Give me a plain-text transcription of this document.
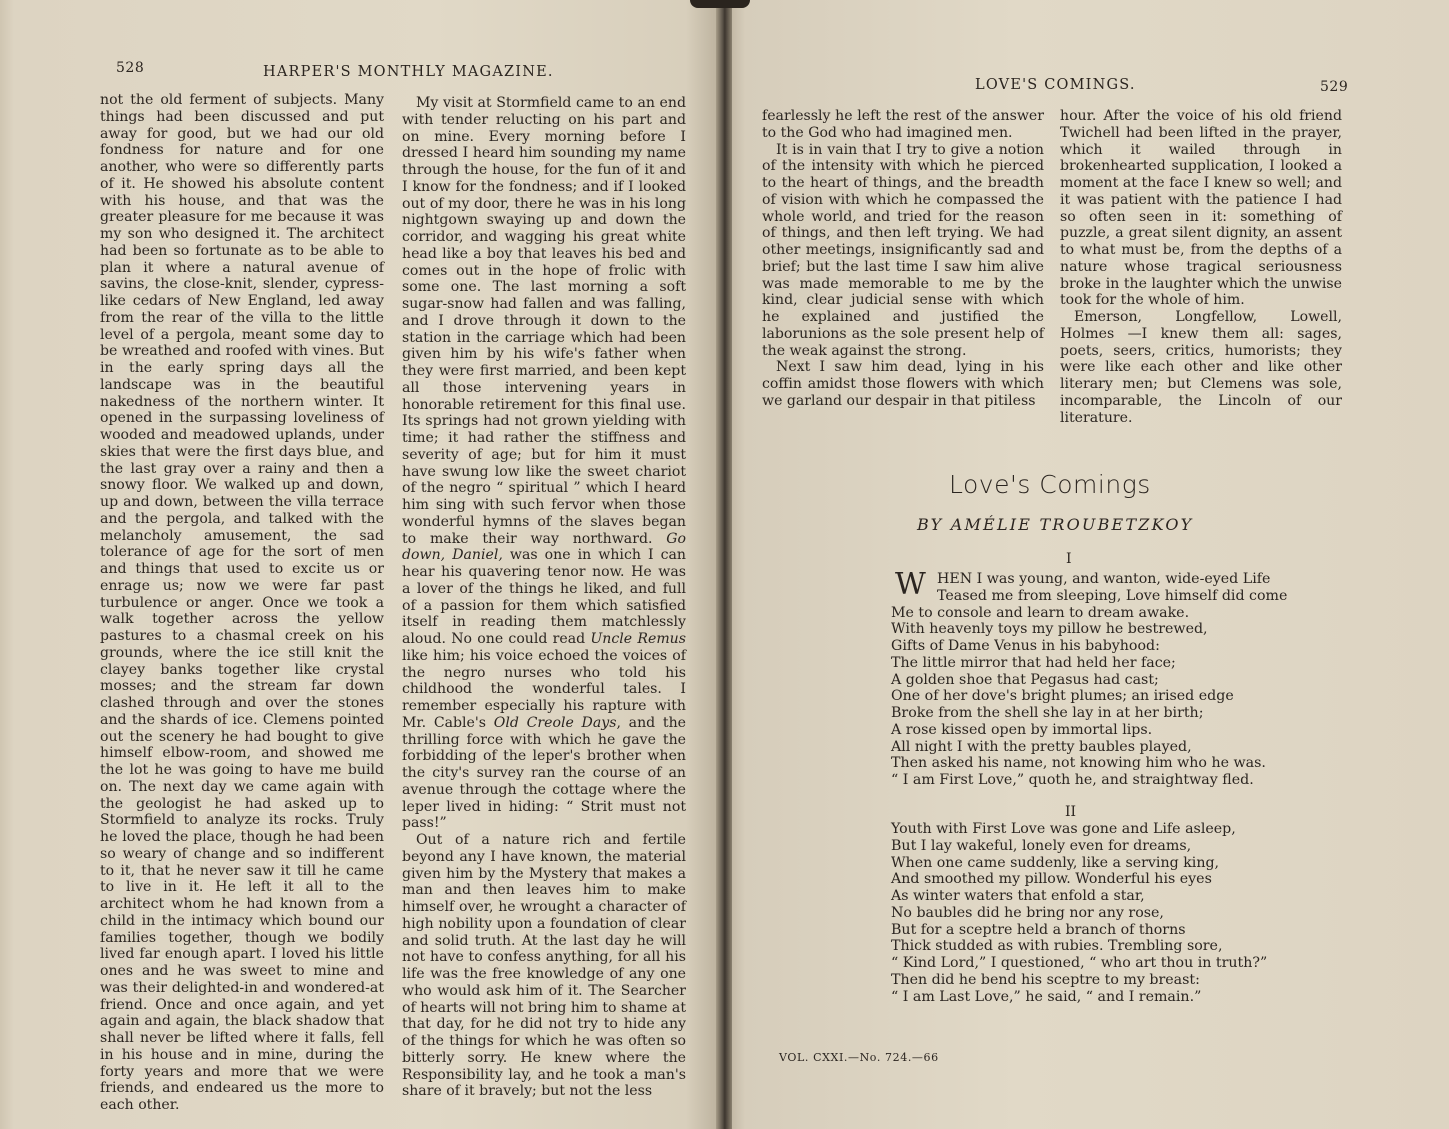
528	HARPER'S MONTHLY MAGAZINE.

not the old ferment of subjects. Many things had been discussed and put away for good, but we had our old fondness for nature and for one another, who were so differently parts of it. He showed his absolute content with his house, and that was the greater pleasure for me because it was my son who designed it. The architect had been so fortunate as to be able to plan it where a natural avenue of savins, the close-knit, slender, cypress-like cedars of New England, led away from the rear of the villa to the little level of a pergola, meant some day to be wreathed and roofed with vines. But in the early spring days all the landscape was in the beautiful nakedness of the northern winter. It opened in the surpassing loveliness of wooded and meadowed uplands, under skies that were the first days blue, and the last gray over a rainy and then a snowy floor. We walked up and down, up and down, between the villa terrace and the pergola, and talked with the melancholy amusement, the sad tolerance of age for the sort of men and things that used to excite us or enrage us; now we were far past turbulence or anger. Once we took a walk together across the yellow pastures to a chasmal creek on his grounds, where the ice still knit the clayey banks together like crystal mosses; and the stream far down clashed through and over the stones and the shards of ice. Clemens pointed out the scenery he had bought to give himself elbow-room, and showed me the lot he was going to have me build on. The next day we came again with the geologist he had asked up to Stormfield to analyze its rocks. Truly he loved the place, though he had been so weary of change and so indifferent to it, that he never saw it till he came to live in it. He left it all to the architect whom he had known from a child in the intimacy which bound our families together, though we bodily lived far enough apart. I loved his little ones and he was sweet to mine and was their delighted-in and wondered-at friend. Once and once again, and yet again and again, the black shadow that shall never be lifted where it falls, fell in his house and in mine, during the forty years and more that we were friends, and endeared us the more to each other.

My visit at Stormfield came to an end with tender relucting on his part and on mine. Every morning before I dressed I heard him sounding my name through the house, for the fun of it and I know for the fondness; and if I looked out of my door, there he was in his long nightgown swaying up and down the corridor, and wagging his great white head like a boy that leaves his bed and comes out in the hope of frolic with some one. The last morning a soft sugar-snow had fallen and was falling, and I drove through it down to the station in the carriage which had been given him by his wife's father when they were first married, and been kept all those intervening years in honorable retirement for this final use. Its springs had not grown yielding with time; it had rather the stiffness and severity of age; but for him it must have swung low like the sweet chariot of the negro “ spiritual ” which I heard him sing with such fervor when those wonderful hymns of the slaves began to make their way northward. Go down, Daniel, was one in which I can hear his quavering tenor now. He was a lover of the things he liked, and full of a passion for them which satisfied itself in reading them matchlessly aloud. No one could read Uncle Remus like him; his voice echoed the voices of the negro nurses who told his childhood the wonderful tales. I remember especially his rapture with Mr. Cable's Old Creole Days, and the thrilling force with which he gave the forbidding of the leper's brother when the city's survey ran the course of an avenue through the cottage where the leper lived in hiding: “ Strit must not pass!”

Out of a nature rich and fertile beyond any I have known, the material given him by the Mystery that makes a man and then leaves him to make himself over, he wrought a character of high nobility upon a foundation of clear and solid truth. At the last day he will not have to confess anything, for all his life was the free knowledge of any one who would ask him of it. The Searcher of hearts will not bring him to shame at that day, for he did not try to hide any of the things for which he was often so bitterly sorry. He knew where the Responsibility lay, and he took a man's share of it bravely; but not the less

LOVE'S COMINGS.	529

fearlessly he left the rest of the answer to the God who had imagined men.

It is in vain that I try to give a notion of the intensity with which he pierced to the heart of things, and the breadth of vision with which he compassed the whole world, and tried for the reason of things, and then left trying. We had other meetings, insignificantly sad and brief; but the last time I saw him alive was made memorable to me by the kind, clear judicial sense with which he explained and justified the laborunions as the sole present help of the weak against the strong.

Next I saw him dead, lying in his coffin amidst those flowers with which we garland our despair in that pitiless

hour. After the voice of his old friend Twichell had been lifted in the prayer, which it wailed through in brokenhearted supplication, I looked a moment at the face I knew so well; and it was patient with the patience I had so often seen in it: something of puzzle, a great silent dignity, an assent to what must be, from the depths of a nature whose tragical seriousness broke in the laughter which the unwise took for the whole of him.

Emerson, Longfellow, Lowell, Holmes —I knew them all: sages, poets, seers, critics, humorists; they were like each other and like other literary men; but Clemens was sole, incomparable, the Lincoln of our literature.

Love's Comings
BY AMÉLIE TROUBETZKOY
I
W HEN I was young, and wanton, wide-eyed Life
Teased me from sleeping, Love himself did come
Me to console and learn to dream awake.
With heavenly toys my pillow he bestrewed,
Gifts of Dame Venus in his babyhood:
The little mirror that had held her face;
A golden shoe that Pegasus had cast;
One of her dove's bright plumes; an irised edge
Broke from the shell she lay in at her birth;
A rose kissed open by immortal lips.
All night I with the pretty baubles played,
Then asked his name, not knowing him who he was.
“ I am First Love,” quoth he, and straightway fled.
II
Youth with First Love was gone and Life asleep,
But I lay wakeful, lonely even for dreams,
When one came suddenly, like a serving king,
And smoothed my pillow. Wonderful his eyes
As winter waters that enfold a star,
No baubles did he bring nor any rose,
But for a sceptre held a branch of thorns
Thick studded as with rubies. Trembling sore,
“ Kind Lord,” I questioned, “ who art thou in truth?”
Then did he bend his sceptre to my breast:
“ I am Last Love,” he said, “ and I remain.”
VOL. CXXI.—No. 724.—66
